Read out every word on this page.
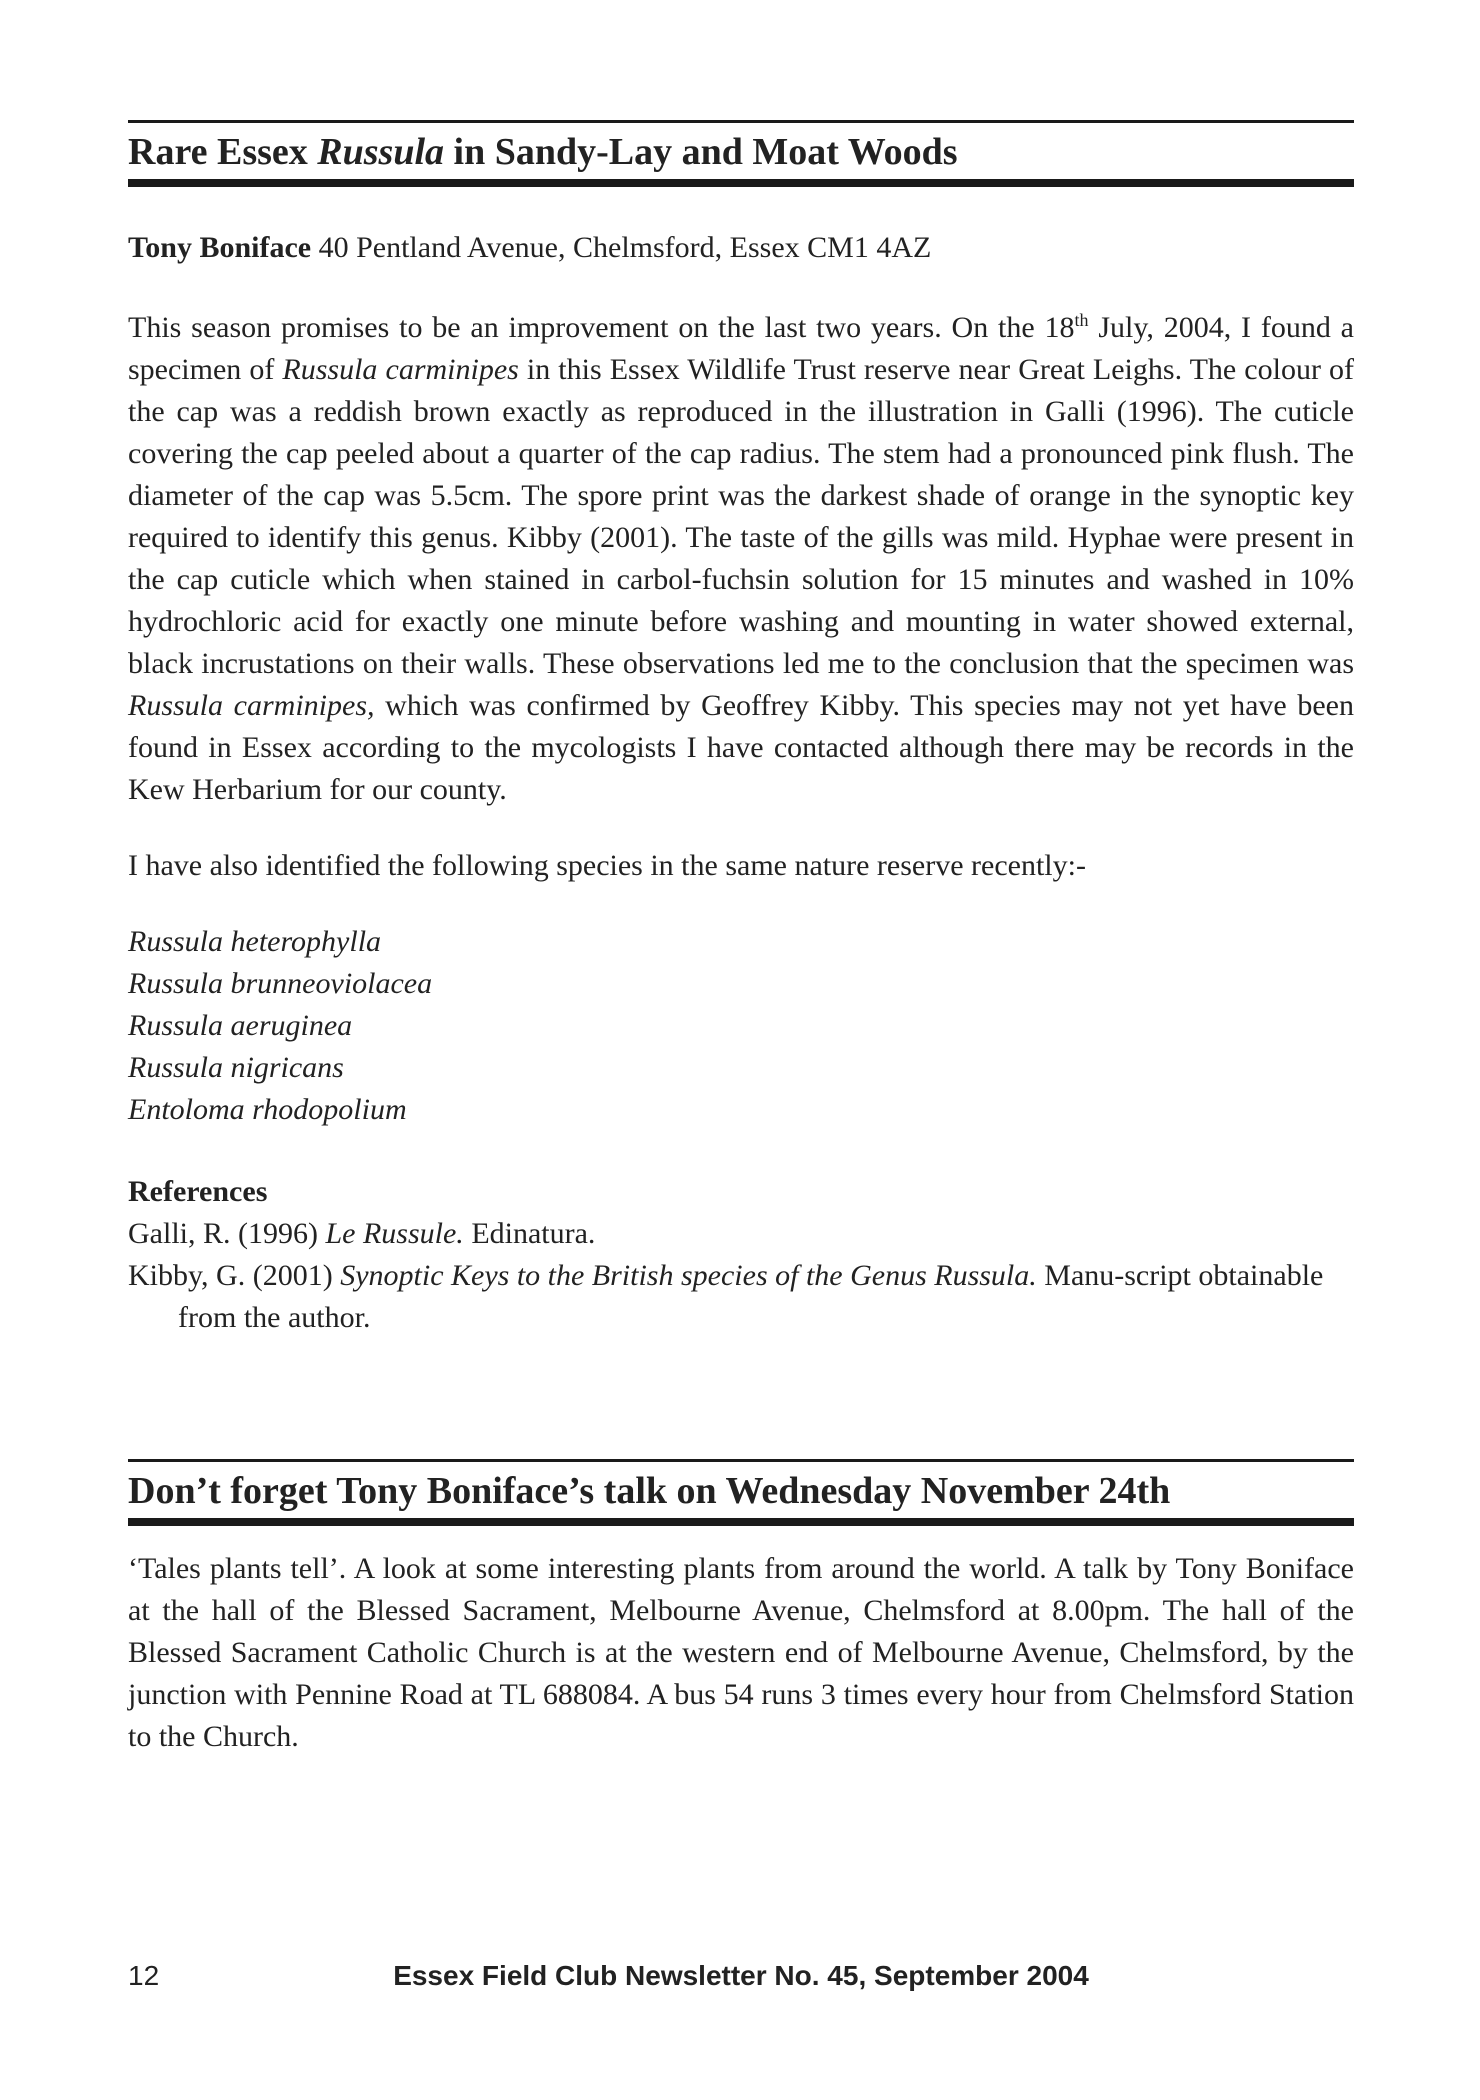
Rare Essex Russula in Sandy-Lay and Moat Woods

Tony Boniface 40 Pentland Avenue, Chelmsford, Essex CM1 4AZ

This season promises to be an improvement on the last two years. On the 18th July, 2004, I found a specimen of Russula carminipes in this Essex Wildlife Trust reserve near Great Leighs. The colour of the cap was a reddish brown exactly as reproduced in the illustration in Galli (1996). The cuticle covering the cap peeled about a quarter of the cap radius. The stem had a pronounced pink flush. The diameter of the cap was 5.5cm. The spore print was the darkest shade of orange in the synoptic key required to identify this genus. Kibby (2001). The taste of the gills was mild. Hyphae were present in the cap cuticle which when stained in carbol-fuchsin solution for 15 minutes and washed in 10% hydrochloric acid for exactly one minute before washing and mounting in water showed external, black incrustations on their walls. These observations led me to the conclusion that the specimen was Russula carminipes, which was confirmed by Geoffrey Kibby. This species may not yet have been found in Essex according to the mycologists I have contacted although there may be records in the Kew Herbarium for our county.

I have also identified the following species in the same nature reserve recently:-

Russula heterophylla
Russula brunneoviolacea
Russula aeruginea
Russula nigricans
Entoloma rhodopolium
References

Galli, R. (1996) Le Russule. Edinatura.

Kibby, G. (2001) Synoptic Keys to the British species of the Genus Russula. Manu-script obtainable from the author.

Don’t forget Tony Boniface’s talk on Wednesday November 24th

‘Tales plants tell’. A look at some interesting plants from around the world. A talk by Tony Boniface at the hall of the Blessed Sacrament, Melbourne Avenue, Chelmsford at 8.00pm. The hall of the Blessed Sacrament Catholic Church is at the western end of Melbourne Avenue, Chelmsford, by the junction with Pennine Road at TL 688084. A bus 54 runs 3 times every hour from Chelmsford Station to the Church.

12	Essex Field Club Newsletter No. 45, September 2004
